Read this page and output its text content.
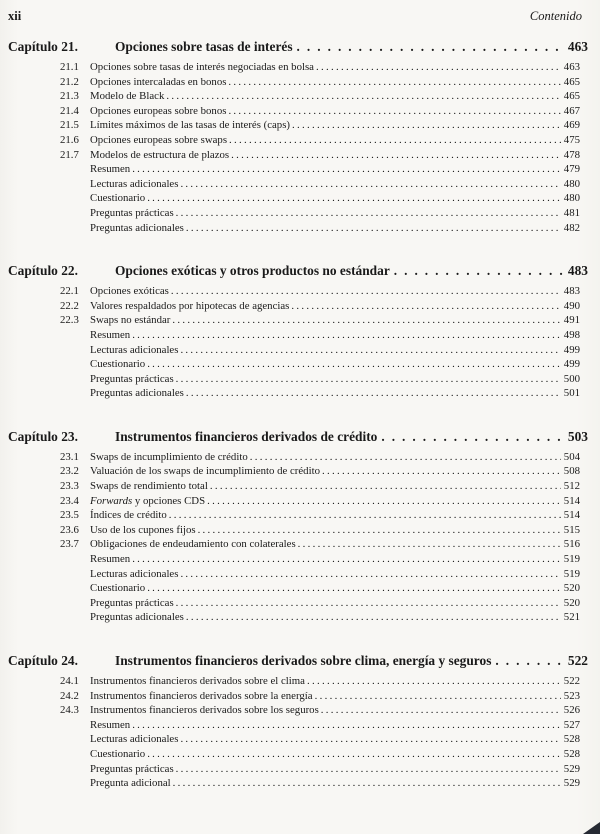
xii	Contenido
Capítulo 21.	Opciones sobre tasas de interés .....	463
21.1	Opciones sobre tasas de interés negociadas en bolsa .....	463
21.2	Opciones intercaladas en bonos .....	465
21.3	Modelo de Black .....	465
21.4	Opciones europeas sobre bonos .....	467
21.5	Límites máximos de las tasas de interés (caps) .....	469
21.6	Opciones europeas sobre swaps .....	475
21.7	Modelos de estructura de plazos .....	478
Resumen .....	479
Lecturas adicionales .....	480
Cuestionario .....	480
Preguntas prácticas .....	481
Preguntas adicionales .....	482
Capítulo 22.	Opciones exóticas y otros productos no estándar .....	483
22.1	Opciones exóticas .....	483
22.2	Valores respaldados por hipotecas de agencias .....	490
22.3	Swaps no estándar .....	491
Resumen .....	498
Lecturas adicionales .....	499
Cuestionario .....	499
Preguntas prácticas .....	500
Preguntas adicionales .....	501
Capítulo 23.	Instrumentos financieros derivados de crédito .....	503
23.1	Swaps de incumplimiento de crédito .....	504
23.2	Valuación de los swaps de incumplimiento de crédito .....	508
23.3	Swaps de rendimiento total .....	512
23.4	Forwards y opciones CDS .....	514
23.5	Índices de crédito .....	514
23.6	Uso de los cupones fijos .....	515
23.7	Obligaciones de endeudamiento con colaterales .....	516
Resumen .....	519
Lecturas adicionales .....	519
Cuestionario .....	520
Preguntas prácticas .....	520
Preguntas adicionales .....	521
Capítulo 24.	Instrumentos financieros derivados sobre clima, energía y seguros .....	522
24.1	Instrumentos financieros derivados sobre el clima .....	522
24.2	Instrumentos financieros derivados sobre la energía .....	523
24.3	Instrumentos financieros derivados sobre los seguros .....	526
Resumen .....	527
Lecturas adicionales .....	528
Cuestionario .....	528
Preguntas prácticas .....	529
Pregunta adicional .....	529
